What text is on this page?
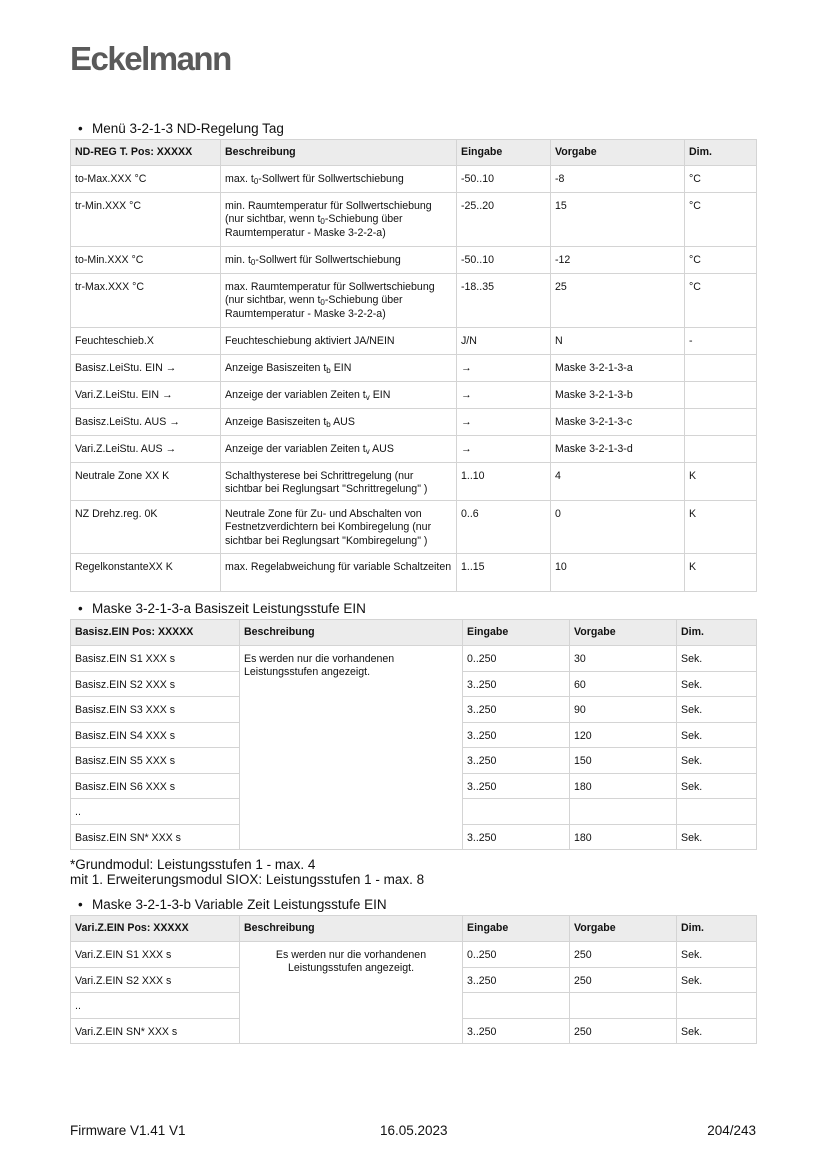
Eckelmann
• Menü 3-2-1-3 ND-Regelung Tag
ND-REG T. Pos: XXXXX	Beschreibung	Eingabe	Vorgabe	Dim.
to-Max.XXX °C	max. $t_0$-Sollwert für Sollwertschiebung	-50..10	-8	°C
tr-Min.XXX °C	min. Raumtemperatur für Sollwertschiebung (nur sichtbar, wenn $t_0$-Schiebung über Raumtemperatur - Maske 3-2-2-a)	-25..20	15	°C
to-Min.XXX °C	min. $t_0$-Sollwert für Sollwertschiebung	-50..10	-12	°C
tr-Max.XXX °C	max. Raumtemperatur für Sollwertschiebung (nur sichtbar, wenn $t_0$-Schiebung über Raumtemperatur - Maske 3-2-2-a)	-18..35	25	°C
Feuchteschieb.X	Feuchteschiebung aktiviert JA/NEIN	J/N	N	-
Basisz.LeiStu. EIN →	Anzeige Basiszeiten $t_b$ EIN	→	Maske 3-2-1-3-a	
Vari.Z.LeiStu. EIN →	Anzeige der variablen Zeiten $t_v$ EIN	→	Maske 3-2-1-3-b	
Basisz.LeiStu. AUS →	Anzeige Basiszeiten $t_b$ AUS	→	Maske 3-2-1-3-c	
Vari.Z.LeiStu. AUS →	Anzeige der variablen Zeiten $t_v$ AUS	→	Maske 3-2-1-3-d	
Neutrale Zone XX K	Schalthysterese bei Schrittregelung (nur sichtbar bei Reglungsart "Schrittregelung" )	1..10	4	K
NZ Drehz.reg. 0K	Neutrale Zone für Zu- und Abschalten von Festnetzverdichtern bei Kombiregelung (nur sichtbar bei Reglungsart "Kombiregelung" )	0..6	0	K
RegelkonstanteXX K	max. Regelabweichung für variable Schaltzeiten	1..15	10	K
• Maske 3-2-1-3-a Basiszeit Leistungsstufe EIN
Basisz.EIN Pos: XXXXX	Beschreibung	Eingabe	Vorgabe	Dim.
Basisz.EIN S1 XXX s	Es werden nur die vorhandenen Leistungsstufen angezeigt.	0..250	30	Sek.
Basisz.EIN S2 XXX s		3..250	60	Sek.
Basisz.EIN S3 XXX s		3..250	90	Sek.
Basisz.EIN S4 XXX s		3..250	120	Sek.
Basisz.EIN S5 XXX s		3..250	150	Sek.
Basisz.EIN S6 XXX s		3..250	180	Sek.
..				
Basisz.EIN SN* XXX s		3..250	180	Sek.
*Grundmodul: Leistungsstufen 1 - max. 4
mit 1. Erweiterungsmodul SIOX: Leistungsstufen 1 - max. 8
• Maske 3-2-1-3-b Variable Zeit Leistungsstufe EIN
Vari.Z.EIN Pos: XXXXX	Beschreibung	Eingabe	Vorgabe	Dim.
Vari.Z.EIN S1 XXX s	Es werden nur die vorhandenen Leistungsstufen angezeigt.	0..250	250	Sek.
Vari.Z.EIN S2 XXX s		3..250	250	Sek.
..				
Vari.Z.EIN SN* XXX s		3..250	250	Sek.
Firmware V1.41 V1	16.05.2023	204/243
